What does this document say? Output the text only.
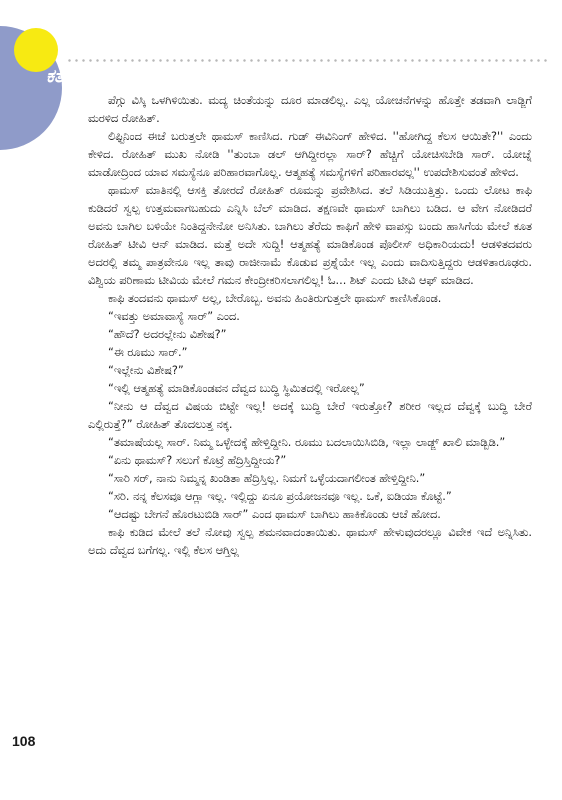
ಕತೆ

ಪೆಗ್ಗು ವಿಸ್ಕಿ ಒಳಗಿಳಿಯಿತು. ಮದ್ಯ ಚಿಂತೆಯನ್ನು ದೂರ ಮಾಡಲಿಲ್ಲ. ಎಲ್ಲ ಯೋಚನೆಗಳನ್ನು ಹೊತ್ತೇ ತಡವಾಗಿ ಲಾಡ್ಜಿಗೆ ಮರಳಿದ ರೋಹಿತ್.

ಲಿಫ್ಟಿನಿಂದ ಈಚೆ ಬರುತ್ತಲೇ ಥಾಮಸ್ ಕಾಣಿಸಿದ. ಗುಡ್ ಈವಿನಿಂಗ್ ಹೇಳಿದ. ''ಹೋಗಿದ್ದ ಕೆಲಸ ಆಯಿತೇ?'' ಎಂದು ಕೇಳಿದ. ರೋಹಿತ್ ಮುಖ ನೋಡಿ ''ತುಂಬಾ ಡಲ್ ಆಗಿದ್ದೀರಲ್ಲಾ ಸಾರ್? ಹೆಚ್ಚಿಗೆ ಯೋಚಿಸಬೇಡಿ ಸಾರ್. ಯೋಚ್ನೆ ಮಾಡೋದ್ರಿಂದ ಯಾವ ಸಮಸ್ಯೆನೂ ಪರಿಹಾರವಾಗೊಲ್ಲ. ಆತ್ಮಹತ್ಯೆ ಸಮಸ್ಯೆಗಳಿಗೆ ಪರಿಹಾರವಲ್ಲ'' ಉಪದೇಶಿಸುವಂತೆ ಹೇಳಿದ.

ಥಾಮಸ್ ಮಾತಿನಲ್ಲಿ ಆಸಕ್ತಿ ತೋರದೆ ರೋಹಿತ್ ರೂಮನ್ನು ಪ್ರವೇಶಿಸಿದ. ತಲೆ ಸಿಡಿಯುತ್ತಿತ್ತು. ಒಂದು ಲೋಟ ಕಾಫಿ ಕುಡಿದರೆ ಸ್ವಲ್ಪ ಉತ್ತಮವಾಗಬಹುದು ಎನ್ನಿಸಿ ಬೆಲ್ ಮಾಡಿದ. ತಕ್ಷಣವೇ ಥಾಮಸ್ ಬಾಗಿಲು ಬಡಿದ. ಆ ವೇಗ ನೋಡಿದರೆ ಅವನು ಬಾಗಿಲ ಬಳಿಯೇ ನಿಂತಿದ್ದನೇನೋ ಅನಿಸಿತು. ಬಾಗಿಲು ತೆರೆದು ಕಾಫಿಗೆ ಹೇಳಿ ವಾಪಸ್ಸು ಬಂದು ಹಾಸಿಗೆಯ ಮೇಲೆ ಕೂತ ರೋಹಿತ್ ಟೀವಿ ಆನ್ ಮಾಡಿದ. ಮತ್ತೆ ಅದೇ ಸುದ್ದಿ! ಆತ್ಮಹತ್ಯೆ ಮಾಡಿಕೊಂಡ ಪೊಲೀಸ್ ಅಧಿಕಾರಿಯದು! ಆಡಳಿತದವರು ಅದರಲ್ಲಿ ತಮ್ಮ ಪಾತ್ರವೇನೂ ಇಲ್ಲ ತಾವು ರಾಜೀನಾಮೆ ಕೊಡುವ ಪ್ರಶ್ನೆಯೇ ಇಲ್ಲ ಎಂದು ವಾದಿಸುತ್ತಿದ್ದರು ಆಡಳಿತಾರೂಢರು. ವಿಶ್ವಿಯ ಪರಿಣಾಮ ಟೀವಿಯ ಮೇಲೆ ಗಮನ ಕೇಂದ್ರೀಕರಿಸಲಾಗಲಿಲ್ಲ! ಓ... ಶಿಟ್ ಎಂದು ಟೀವಿ ಆಫ್ ಮಾಡಿದ.

ಕಾಫಿ ತಂದವನು ಥಾಮಸ್ ಅಲ್ಲ, ಬೇರೊಬ್ಬ. ಅವನು ಹಿಂತಿರುಗುತ್ತಲೇ ಥಾಮಸ್ ಕಾಣಿಸಿಕೊಂಡ.

“ಇವತ್ತು ಅಮಾವಾಸ್ಯೆ ಸಾರ್” ಎಂದ.

“ಹೌದೆ? ಅದರಲ್ಲೇನು ವಿಶೇಷ?”

“ಈ ರೂಮು ಸಾರ್.”

“ಇಲ್ಲೇನು ವಿಶೇಷ?”

“ಇಲ್ಲಿ ಆತ್ಮಹತ್ಯೆ ಮಾಡಿಕೊಂಡವನ ದೆವ್ವದ ಬುದ್ಧಿ ಸ್ಥಿಮಿತದಲ್ಲಿ ಇರೋಲ್ಲ”

“ನೀನು ಆ ದೆವ್ವದ ವಿಷಯ ಬಿಟ್ಟೇ ಇಲ್ಲ! ಅದಕ್ಕೆ ಬುದ್ಧಿ ಬೇರೆ ಇರುತ್ತೋ? ಶರೀರ ಇಲ್ಲದ ದೆವ್ವಕ್ಕೆ ಬುದ್ಧಿ ಬೇರೆ ಎಲ್ಲಿರುತ್ತೆ?” ರೋಹಿತ್ ತೊದಲುತ್ತ ನಕ್ಕ.

“ತಮಾಷೆಯಲ್ಲ ಸಾರ್. ನಿಮ್ಮ ಒಳ್ಳೇದಕ್ಕೆ ಹೇಳ್ತಿದ್ದೀನಿ. ರೂಮು ಬದಲಾಯಿಸಿಬಿಡಿ, ಇಲ್ಲಾ ಲಾಡ್ಜ್ ಖಾಲಿ ಮಾಡ್ಬಿಡಿ.”

“ಏನು ಥಾಮಸ್? ಸಲುಗೆ ಕೊಟ್ರೆ ಹೆದ್ರಿಸ್ತಿದ್ದೀಯ?”

“ಸಾರಿ ಸರ್, ನಾನು ನಿಮ್ಮನ್ನ ಖಂಡಿತಾ ಹೆದ್ರಿಸ್ತಿಲ್ಲ. ನಿಮಗೆ ಒಳ್ಳೆಯದಾಗಲೀಂತ ಹೇಳ್ತಿದ್ದೀನಿ.”

“ಸರಿ. ನನ್ನ ಕೆಲಸವೂ ಆಗ್ಲಾ ಇಲ್ಲ. ಇಲ್ಲಿದ್ದು ಏನೂ ಪ್ರಯೋಜನವೂ ಇಲ್ಲ. ಒಕೆ, ಐಡಿಯಾ ಕೊಟ್ಟೆ.”

“ಆದಷ್ಟು ಬೇಗನೆ ಹೊರಟುಬಿಡಿ ಸಾರ್” ಎಂದ ಥಾಮಸ್ ಬಾಗಿಲು ಹಾಕಿಕೊಂಡು ಆಚೆ ಹೋದ.

ಕಾಫಿ ಕುಡಿದ ಮೇಲೆ ತಲೆ ನೋವು ಸ್ವಲ್ಪ ಶಮನವಾದಂತಾಯಿತು. ಥಾಮಸ್ ಹೇಳುವುದರಲ್ಲೂ ವಿವೇಕ ಇದೆ ಅನ್ನಿಸಿತು. ಅದು ದೆವ್ವದ ಬಗೆಗಲ್ಲ. ಇಲ್ಲಿ ಕೆಲಸ ಆಗ್ತಿಲ್ಲ

108
